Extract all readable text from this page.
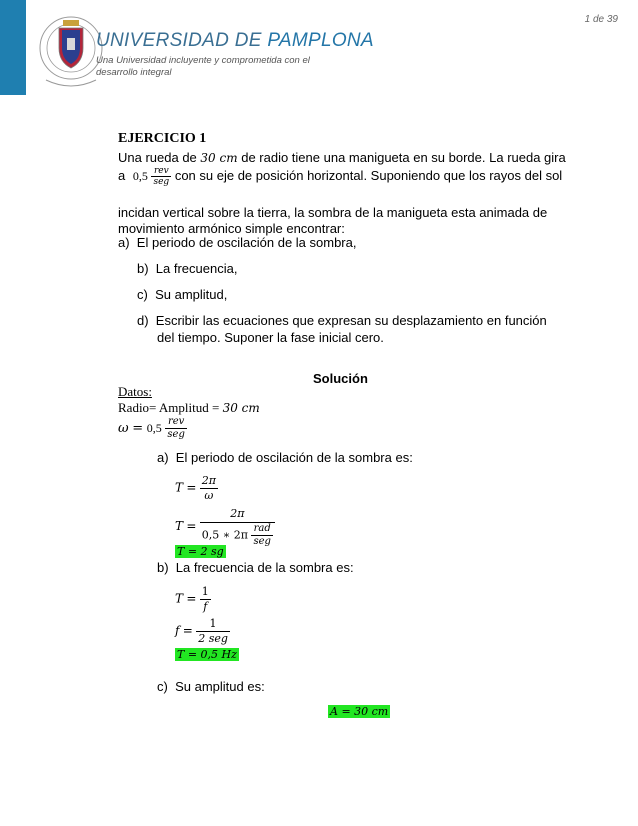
UNIVERSIDAD DE PAMPLONA
Una Universidad incluyente y comprometida con el
desarrollo integral
1 de 39
EJERCICIO 1
Una rueda de 30 cm de radio tiene una manigueta en su borde. La rueda gira
a $0,5 \frac{\text{rev}}{\text{seg}}$ con su eje de posición horizontal. Suponiendo que los rayos del sol
incidan vertical sobre la tierra, la sombra de la manigueta esta animada de
movimiento armónico simple encontrar:
a) El periodo de oscilación de la sombra,
b) La frecuencia,
c) Su amplitud,
d) Escribir las ecuaciones que expresan su desplazamiento en función
del tiempo. Suponer la fase inicial cero.
Solución
Datos:
Radio= Amplitud = 30 cm
$\omega = 0,5 \frac{\text{rev}}{\text{seg}}$
a) El periodo de oscilación de la sombra es:
$T = \frac{2\pi}{\omega}$
$T = \frac{2\pi}{0,5 ∗ 2\pi \frac{\text{rad}}{\text{seg}}}$
T = 2 sg
b) La frecuencia de la sombra es:
$T = \frac{1}{f}$
$f = \frac{1}{\text{2 seg}}$
T = 0,5 Hz
c) Su amplitud es:
A = 30 cm
